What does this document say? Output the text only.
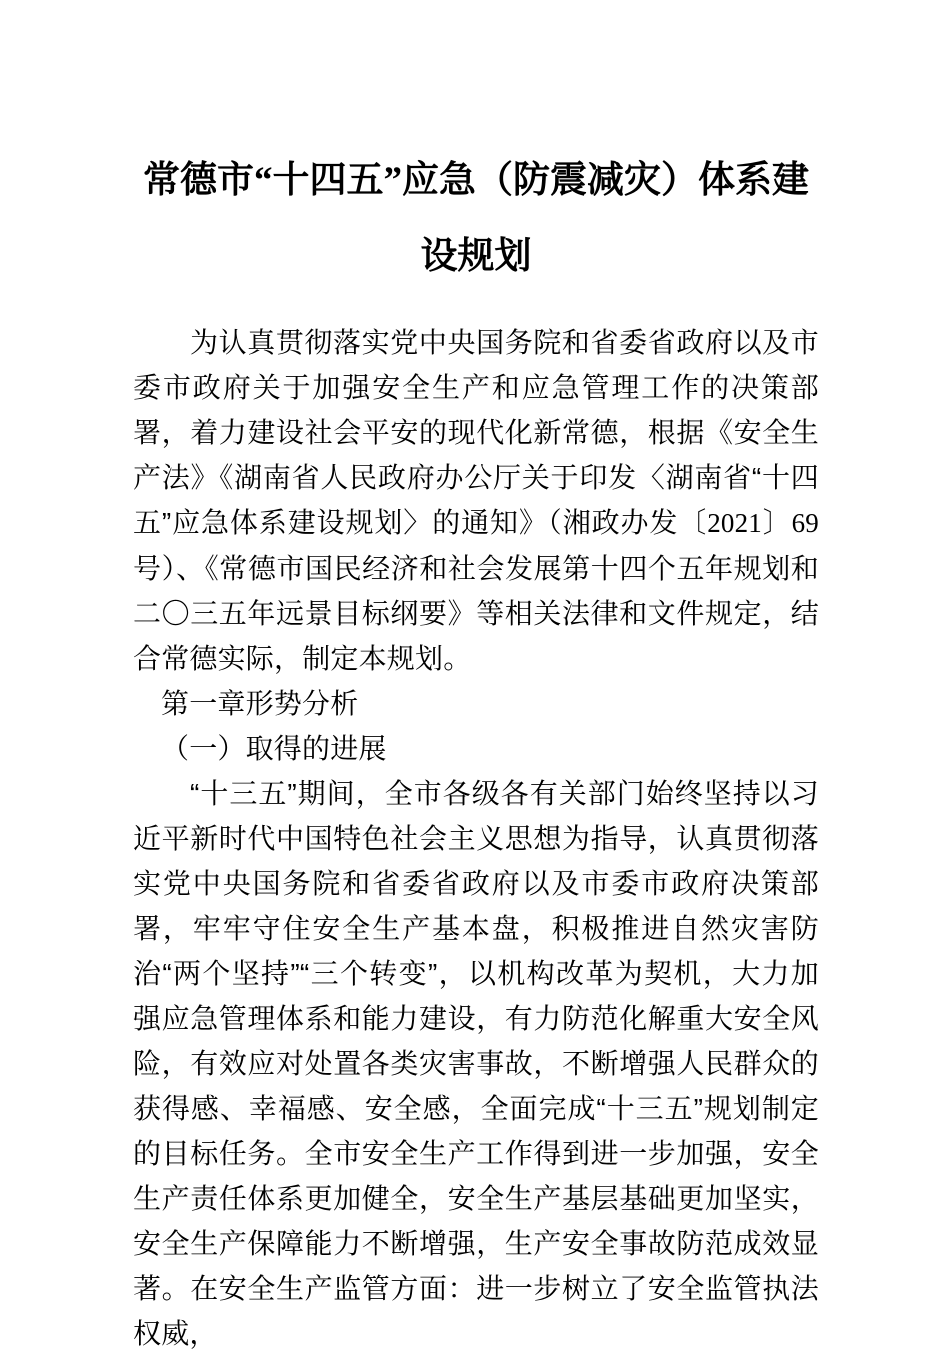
常德市“十四五”应急（防震减灾）体系建
设规划

为认真贯彻落实党中央国务院和省委省政府以及市委市政府关于加强安全生产和应急管理工作的决策部署，着力建设社会平安的现代化新常德，根据《安全生产法》《湖南省人民政府办公厅关于印发〈湖南省“十四五”应急体系建设规划〉的通知》（湘政办发〔2021〕69号）、《常德市国民经济和社会发展第十四个五年规划和二〇三五年远景目标纲要》等相关法律和文件规定，结合常德实际，制定本规划。

第一章形势分析

（一）取得的进展

“十三五”期间，全市各级各有关部门始终坚持以习近平新时代中国特色社会主义思想为指导，认真贯彻落实党中央国务院和省委省政府以及市委市政府决策部署，牢牢守住安全生产基本盘，积极推进自然灾害防治“两个坚持”“三个转变”，以机构改革为契机，大力加强应急管理体系和能力建设，有力防范化解重大安全风险，有效应对处置各类灾害事故，不断增强人民群众的获得感、幸福感、安全感，全面完成“十三五”规划制定的目标任务。全市安全生产工作得到进一步加强，安全生产责任体系更加健全，安全生产基层基础更加坚实，安全生产保障能力不断增强，生产安全事故防范成效显著。在安全生产监管方面：进一步树立了安全监管执法权威，
